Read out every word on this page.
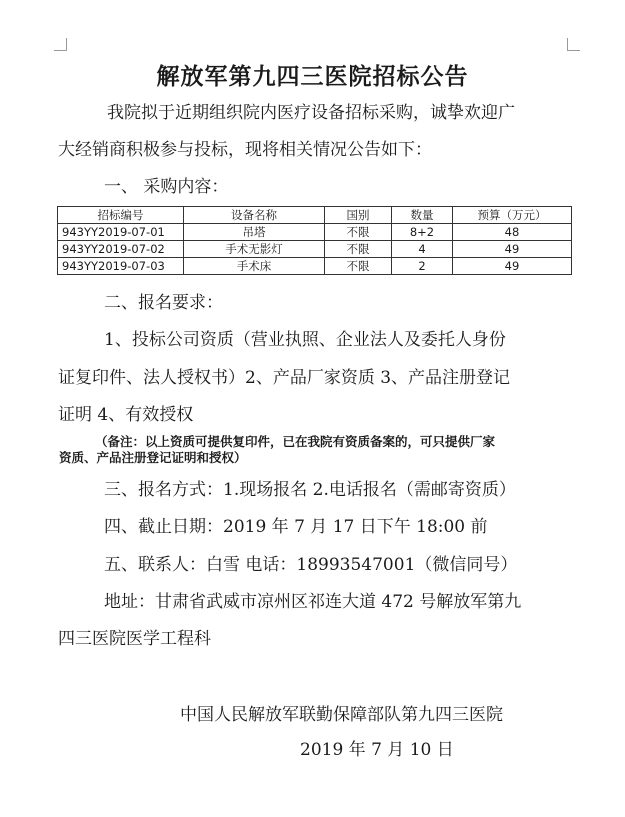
解放军第九四三医院招标公告
我院拟于近期组织院内医疗设备招标采购，诚挚欢迎广
大经销商积极参与投标，现将相关情况公告如下：
一、 采购内容：
招标编号	设备名称	国别	数量	预算（万元）
943YY2019-07-01	吊塔	不限	8+2	48
943YY2019-07-02	手术无影灯	不限	4	49
943YY2019-07-03	手术床	不限	2	49
二、报名要求：
1、投标公司资质（营业执照、企业法人及委托人身份
证复印件、法人授权书）2、产品厂家资质 3、产品注册登记
证明 4、有效授权
（备注：以上资质可提供复印件，已在我院有资质备案的，可只提供厂家
资质、产品注册登记证明和授权）
三、报名方式：1.现场报名 2.电话报名（需邮寄资质）
四、截止日期：2019 年 7 月 17 日下午 18:00 前
五、联系人：白雪 电话：18993547001（微信同号）
地址：甘肃省武威市凉州区祁连大道 472 号解放军第九
四三医院医学工程科
中国人民解放军联勤保障部队第九四三医院
2019 年 7 月 10 日
